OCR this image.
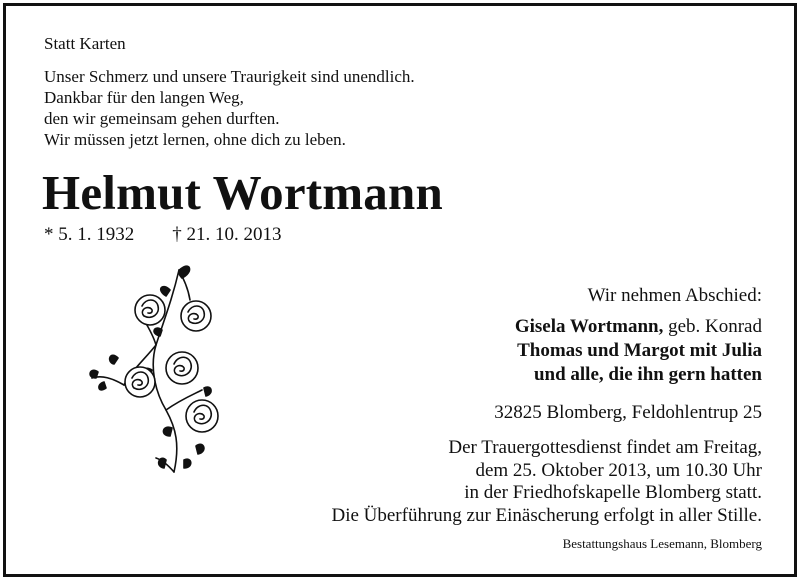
Statt Karten
Unser Schmerz und unsere Traurigkeit sind unendlich.
Dankbar für den langen Weg,
den wir gemeinsam gehen durften.
Wir müssen jetzt lernen, ohne dich zu leben.
Helmut Wortmann
* 5. 1. 1932 † 21. 10. 2013
Wir nehmen Abschied:
Gisela Wortmann, geb. Konrad
Thomas und Margot mit Julia
und alle, die ihn gern hatten
32825 Blomberg, Feldohlentrup 25
Der Trauergottesdienst findet am Freitag,
dem 25. Oktober 2013, um 10.30 Uhr
in der Friedhofskapelle Blomberg statt.
Die Überführung zur Einäscherung erfolgt in aller Stille.
Bestattungshaus Lesemann, Blomberg
